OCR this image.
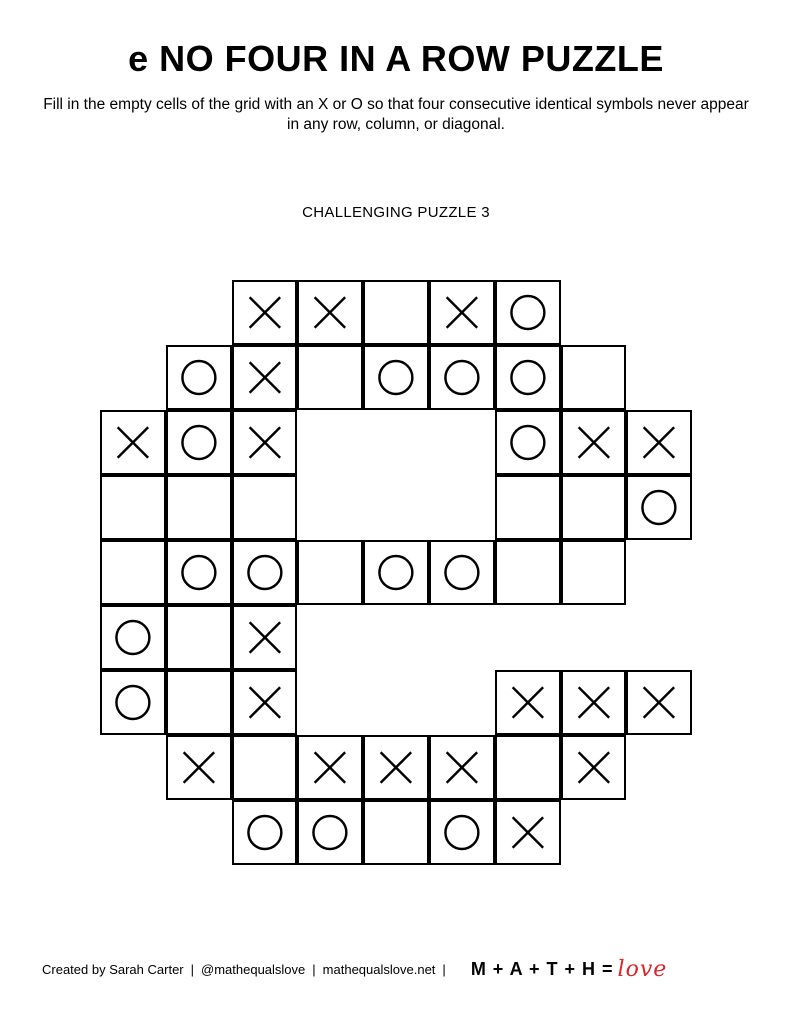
e NO FOUR IN A ROW PUZZLE
Fill in the empty cells of the grid with an X or O so that four consecutive identical symbols never appear in any row, column, or diagonal.
CHALLENGING PUZZLE 3
Created by Sarah Carter | @mathequalslove | mathequalslove.net |	M + A + T + H = love
